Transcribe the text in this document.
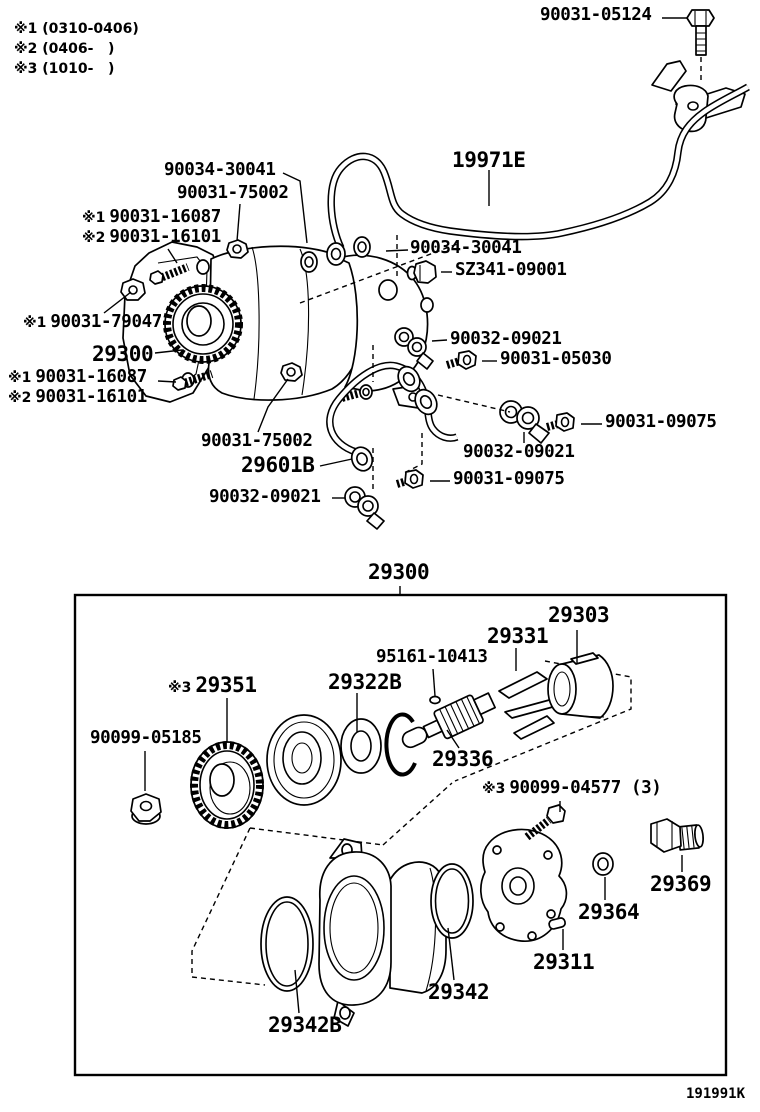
※1 (0310-0406)
※2 (0406-   )
※3 (1010-   )
90031-05124
19971E
90034-30041
90031-75002
※1 90031-16087
※2 90031-16101
※1 90031-79047
29300
※1 90031-16087
※2 90031-16101
90034-30041
SZ341-09001
90032-09021
90031-05030
90031-09075
90032-09021
90031-75002
29601B
90032-09021
90031-09075
29300
29303
29331
95161-10413
29322B
※3 29351
90099-05185
29336
※3 90099-04577 (3)
29369
29364
29311
29342
29342B
191991K
